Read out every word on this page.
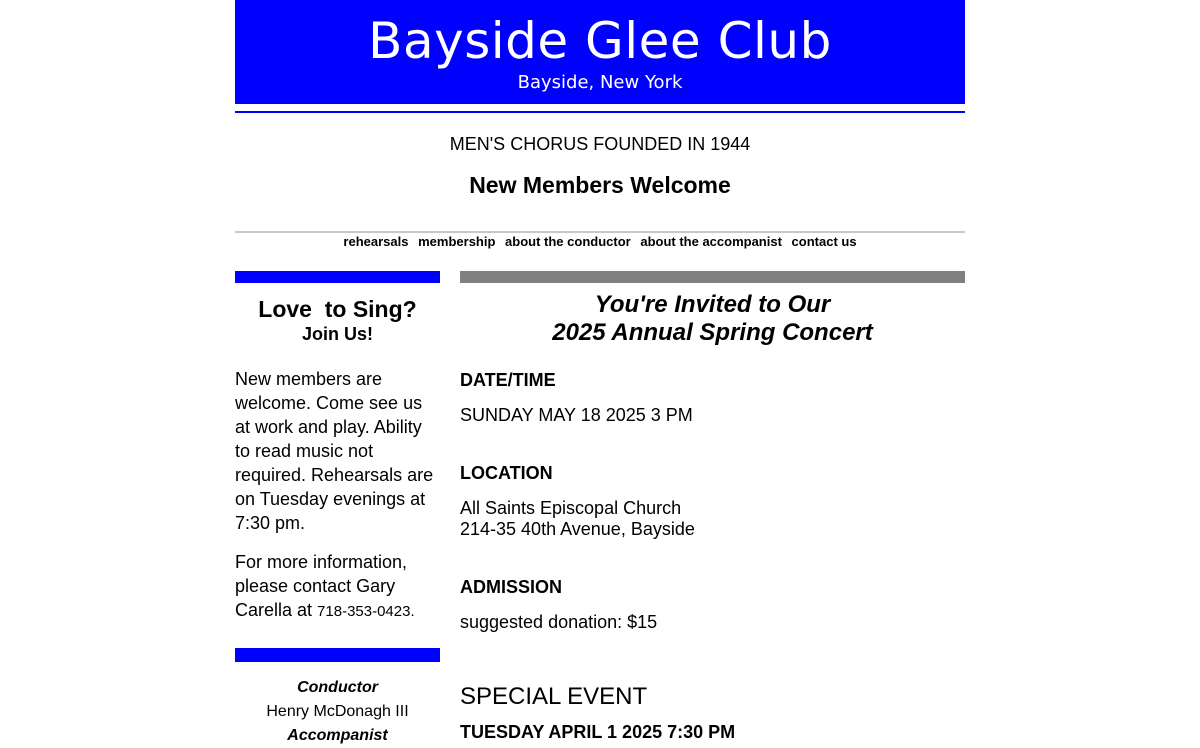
Bayside Glee Club
Bayside, New York
MEN'S CHORUS FOUNDED IN 1944
New Members Welcome
rehearsals membership about the conductor about the accompanist contact us
Love  to Sing?
Join Us!
New members are welcome. Come see us at work and play. Ability to read music not required. Rehearsals are on Tuesday evenings at 7:30 pm.
For more information, please contact Gary Carella at 718-353-0423.
Conductor
Henry McDonagh III
Accompanist
You're Invited to Our
2025 Annual Spring Concert
DATE/TIME
SUNDAY MAY 18 2025 3 PM
LOCATION
All Saints Episcopal Church
214-35 40th Avenue, Bayside
ADMISSION
suggested donation: $15
SPECIAL EVENT
TUESDAY APRIL 1 2025 7:30 PM
